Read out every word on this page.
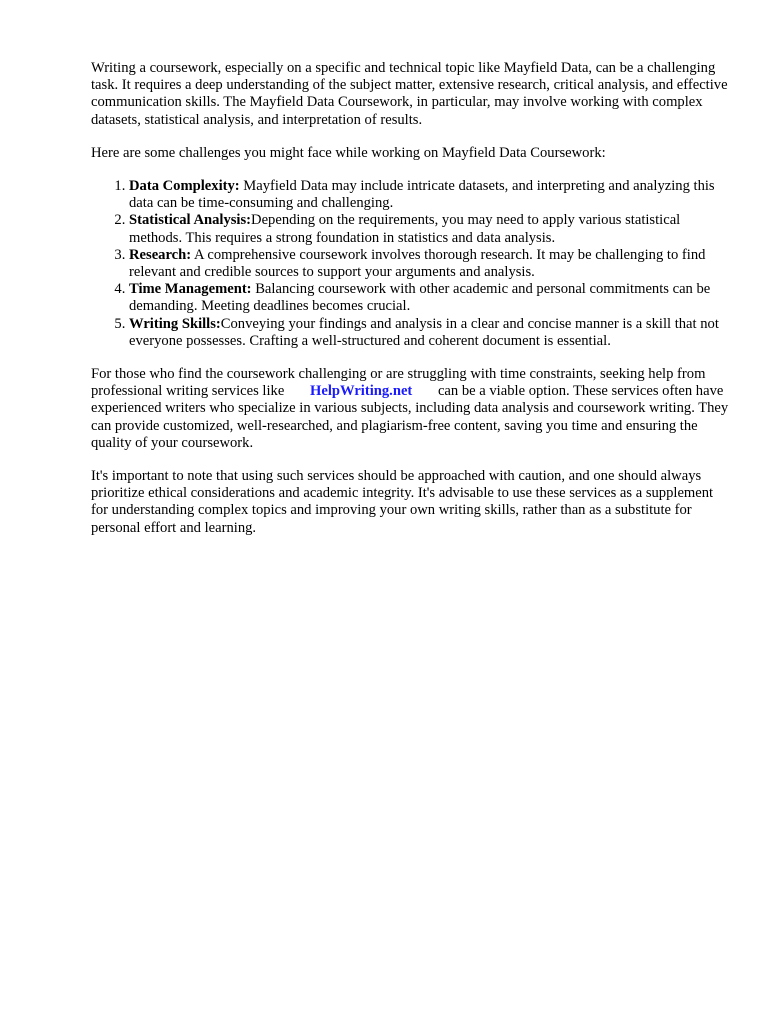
Writing a coursework, especially on a specific and technical topic like Mayfield Data, can be a challenging task. It requires a deep understanding of the subject matter, extensive research, critical analysis, and effective communication skills. The Mayfield Data Coursework, in particular, may involve working with complex datasets, statistical analysis, and interpretation of results.

Here are some challenges you might face while working on Mayfield Data Coursework:

1. Data Complexity: Mayfield Data may include intricate datasets, and interpreting and analyzing this data can be time-consuming and challenging.
2. Statistical Analysis:Depending on the requirements, you may need to apply various statistical methods. This requires a strong foundation in statistics and data analysis.
3. Research: A comprehensive coursework involves thorough research. It may be challenging to find relevant and credible sources to support your arguments and analysis.
4. Time Management: Balancing coursework with other academic and personal commitments can be demanding. Meeting deadlines becomes crucial.
5. Writing Skills:Conveying your findings and analysis in a clear and concise manner is a skill that not everyone possesses. Crafting a well-structured and coherent document is essential.

For those who find the coursework challenging or are struggling with time constraints, seeking help from professional writing services like HelpWriting.net can be a viable option. These services often have experienced writers who specialize in various subjects, including data analysis and coursework writing. They can provide customized, well-researched, and plagiarism-free content, saving you time and ensuring the quality of your coursework.

It's important to note that using such services should be approached with caution, and one should always prioritize ethical considerations and academic integrity. It's advisable to use these services as a supplement for understanding complex topics and improving your own writing skills, rather than as a substitute for personal effort and learning.
